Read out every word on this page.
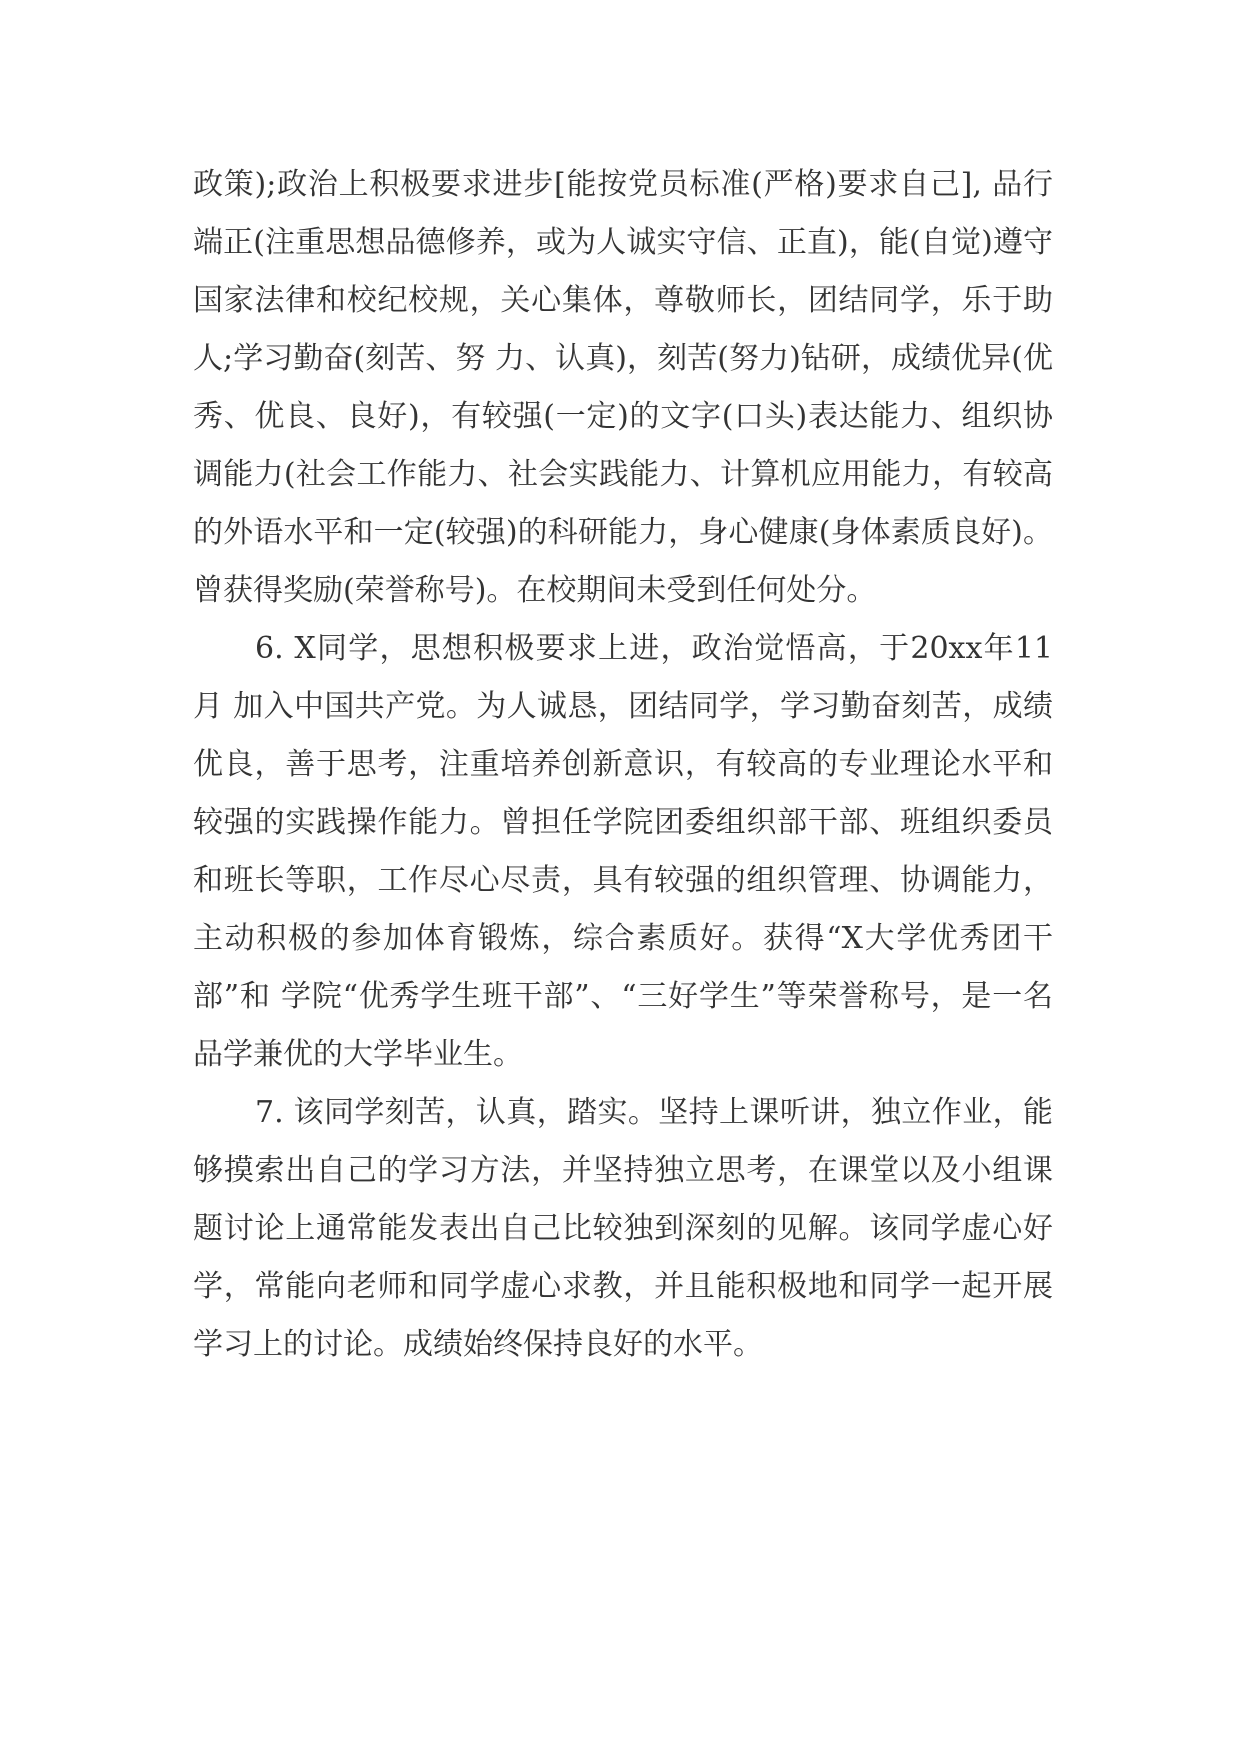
政策);政治上积极要求进步[能按党员标准(严格)要求自己], 品行端正(注重思想品德修养，或为人诚实守信、正直)，能(自觉)遵守国家法律和校纪校规，关心集体，尊敬师长，团结同学，乐于助人;学习勤奋(刻苦、努 力、认真)，刻苦(努力)钻研，成绩优异(优秀、优良、良好)，有较强(一定)的文字(口头)表达能力、组织协调能力(社会工作能力、社会实践能力、计算机应用能力，有较高的外语水平和一定(较强)的科研能力，身心健康(身体素质良好)。曾获得奖励(荣誉称号)。在校期间未受到任何处分。

6. X同学，思想积极要求上进，政治觉悟高，于20xx年11月 加入中国共产党。为人诚恳，团结同学，学习勤奋刻苦，成绩优良，善于思考，注重培养创新意识，有较高的专业理论水平和较强的实践操作能力。曾担任学院团委组织部干部、班组织委员和班长等职，工作尽心尽责，具有较强的组织管理、协调能力，主动积极的参加体育锻炼，综合素质好。获得“X大学优秀团干部”和 学院“优秀学生班干部”、“三好学生”等荣誉称号，是一名品学兼优的大学毕业生。

7. 该同学刻苦，认真，踏实。坚持上课听讲，独立作业，能够摸索出自己的学习方法，并坚持独立思考，在课堂以及小组课题讨论上通常能发表出自己比较独到深刻的见解。该同学虚心好学，常能向老师和同学虚心求教，并且能积极地和同学一起开展学习上的讨论。成绩始终保持良好的水平。
